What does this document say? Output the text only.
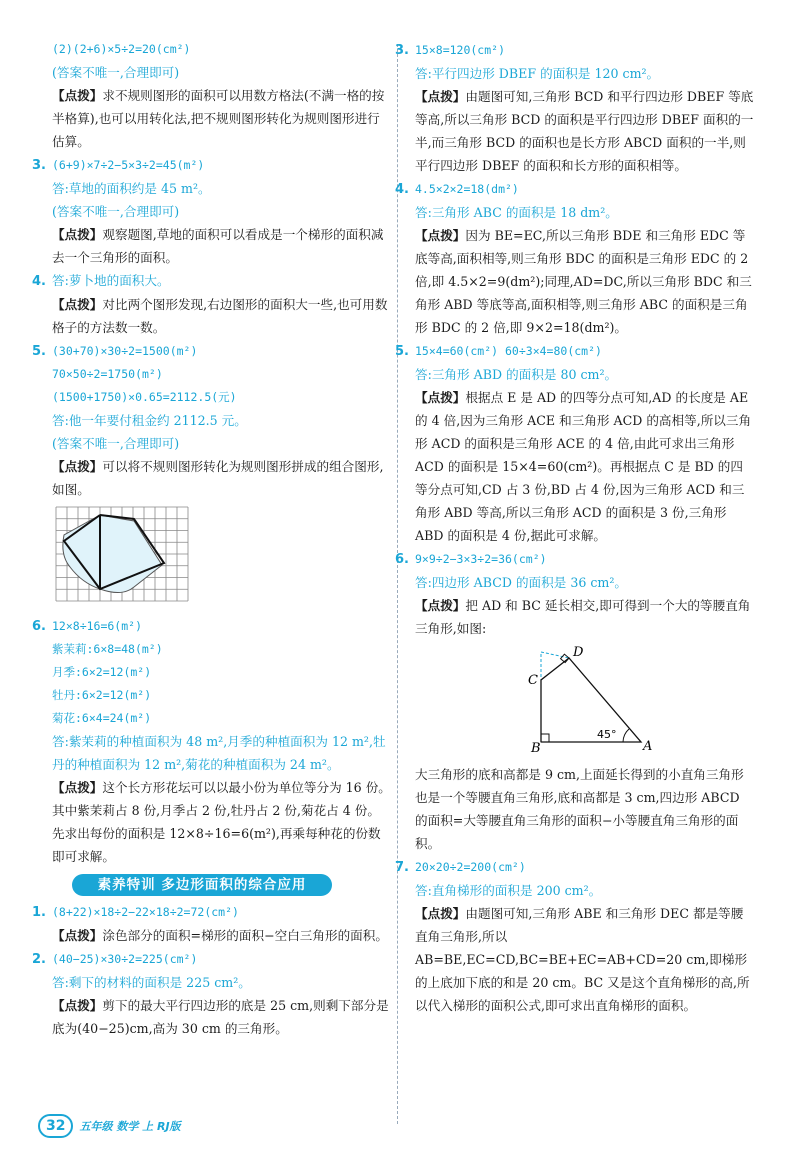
(2)(2+6)×5÷2=20(cm²)
(答案不唯一,合理即可)
【点拨】求不规则图形的面积可以用数方格法(不满一格的按半格算),也可以用转化法,把不规则图形转化为规则图形进行估算。
3. (6+9)×7÷2−5×3÷2=45(m²)
答:草地的面积约是 45 m²。
(答案不唯一,合理即可)
【点拨】观察题图,草地的面积可以看成是一个梯形的面积减去一个三角形的面积。
4. 答:萝卜地的面积大。
【点拨】对比两个图形发现,右边图形的面积大一些,也可用数格子的方法数一数。
5. (30+70)×30÷2=1500(m²)
70×50÷2=1750(m²)
(1500+1750)×0.65=2112.5(元)
答:他一年要付租金约 2112.5 元。
(答案不唯一,合理即可)
【点拨】可以将不规则图形转化为规则图形拼成的组合图形,如图。
6. 12×8÷16=6(m²)
紫茉莉:6×8=48(m²)
月季:6×2=12(m²)
牡丹:6×2=12(m²)
菊花:6×4=24(m²)
答:紫茉莉的种植面积为 48 m²,月季的种植面积为 12 m²,牡丹的种植面积为 12 m²,菊花的种植面积为 24 m²。
【点拨】这个长方形花坛可以以最小份为单位等分为 16 份。其中紫茉莉占 8 份,月季占 2 份,牡丹占 2 份,菊花占 4 份。先求出每份的面积是 12×8÷16=6(m²),再乘每种花的份数即可求解。
素养特训 多边形面积的综合应用
1. (8+22)×18÷2−22×18÷2=72(cm²)
【点拨】涂色部分的面积=梯形的面积−空白三角形的面积。
2. (40−25)×30÷2=225(cm²)
答:剩下的材料的面积是 225 cm²。
【点拨】剪下的最大平行四边形的底是 25 cm,则剩下部分是底为(40−25)cm,高为 30 cm 的三角形。
3. 15×8=120(cm²)
答:平行四边形 DBEF 的面积是 120 cm²。
【点拨】由题图可知,三角形 BCD 和平行四边形 DBEF 等底等高,所以三角形 BCD 的面积是平行四边形 DBEF 面积的一半,而三角形 BCD 的面积也是长方形 ABCD 面积的一半,则平行四边形 DBEF 的面积和长方形的面积相等。
4. 4.5×2×2=18(dm²)
答:三角形 ABC 的面积是 18 dm²。
【点拨】因为 BE=EC,所以三角形 BDE 和三角形 EDC 等底等高,面积相等,则三角形 BDC 的面积是三角形 EDC 的 2 倍,即 4.5×2=9(dm²);同理,AD=DC,所以三角形 BDC 和三角形 ABD 等底等高,面积相等,则三角形 ABC 的面积是三角形 BDC 的 2 倍,即 9×2=18(dm²)。
5. 15×4=60(cm²) 60÷3×4=80(cm²)
答:三角形 ABD 的面积是 80 cm²。
【点拨】根据点 E 是 AD 的四等分点可知,AD 的长度是 AE 的 4 倍,因为三角形 ACE 和三角形 ACD 的高相等,所以三角形 ACD 的面积是三角形 ACE 的 4 倍,由此可求出三角形 ACD 的面积是 15×4=60(cm²)。再根据点 C 是 BD 的四等分点可知,CD 占 3 份,BD 占 4 份,因为三角形 ACD 和三角形 ABD 等高,所以三角形 ACD 的面积是 3 份,三角形 ABD 的面积是 4 份,据此可求解。
6. 9×9÷2−3×3÷2=36(cm²)
答:四边形 ABCD 的面积是 36 cm²。
【点拨】把 AD 和 BC 延长相交,即可得到一个大的等腰直角三角形,如图:
D
C
B	A
45°
大三角形的底和高都是 9 cm,上面延长得到的小直角三角形也是一个等腰直角三角形,底和高都是 3 cm,四边形 ABCD 的面积=大等腰直角三角形的面积−小等腰直角三角形的面积。
7. 20×20÷2=200(cm²)
答:直角梯形的面积是 200 cm²。
【点拨】由题图可知,三角形 ABE 和三角形 DEC 都是等腰直角三角形,所以 AB=BE,EC=CD,BC=BE+EC=AB+CD=20 cm,即梯形的上底加下底的和是 20 cm。BC 又是这个直角梯形的高,所以代入梯形的面积公式,即可求出直角梯形的面积。
32	五年级 数学 上 RJ版
